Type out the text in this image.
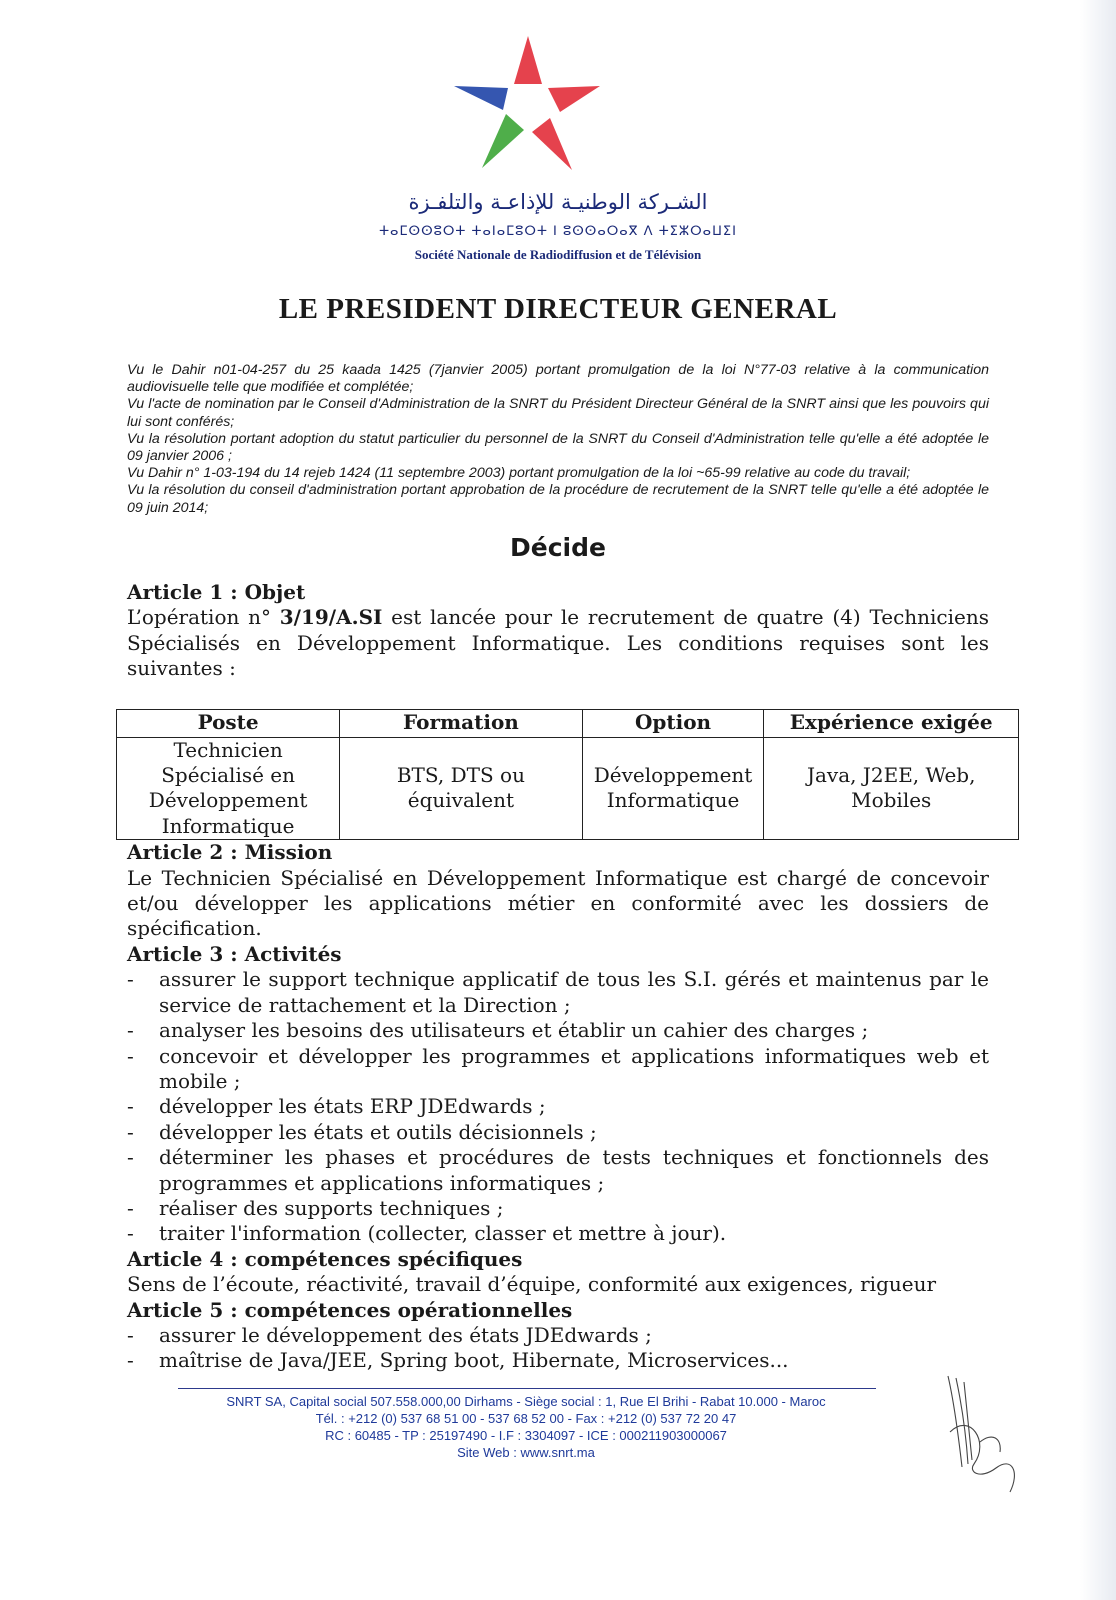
الشـركة الوطنيـة للإذاعـة والتلفـزة
ⵜⴰⵎⵙⵙⵓⵔⵜ ⵜⴰⵏⴰⵎⵓⵔⵜ ⵏ ⵓⵙⵙⴰⵔⴰⴳ ⴷ ⵜⵉⵣⵔⴰⵡⵉⵏ
Société Nationale de Radiodiffusion et de Télévision
LE PRESIDENT DIRECTEUR GENERAL

Vu le Dahir n01-04-257 du 25 kaada 1425 (7janvier 2005) portant promulgation de la loi N°77-03 relative à la communication audiovisuelle telle que modifiée et complétée;

Vu l'acte de nomination par le Conseil d'Administration de la SNRT du Président Directeur Général de la SNRT ainsi que les pouvoirs qui lui sont conférés;

Vu la résolution portant adoption du statut particulier du personnel de la SNRT du Conseil d'Administration telle qu'elle a été adoptée le 09 janvier 2006 ;

Vu Dahir n° 1-03-194 du 14 rejeb 1424 (11 septembre 2003) portant promulgation de la loi ~65-99 relative au code du travail;

Vu la résolution du conseil d'administration portant approbation de la procédure de recrutement de la SNRT telle qu'elle a été adoptée le 09 juin 2014;

Décide

Article 1 : Objet

L’opération n° 3/19/A.SI est lancée pour le recrutement de quatre (4) Techniciens Spécialisés en Développement Informatique. Les conditions requises sont les suivantes :

Poste	Formation	Option	Expérience exigée
Technicien Spécialisé en Développement Informatique	BTS, DTS ou équivalent	Développement Informatique	Java, J2EE, Web, Mobiles

Article 2 : Mission

Le Technicien Spécialisé en Développement Informatique est chargé de concevoir et/ou développer les applications métier en conformité avec les dossiers de spécification.

Article 3 : Activités

- assurer le support technique applicatif de tous les S.I. gérés et maintenus par le service de rattachement et la Direction ;
- analyser les besoins des utilisateurs et établir un cahier des charges ;
- concevoir et développer les programmes et applications informatiques web et mobile ;
- développer les états ERP JDEdwards ;
- développer les états et outils décisionnels ;
- déterminer les phases et procédures de tests techniques et fonctionnels des programmes et applications informatiques ;
- réaliser des supports techniques ;
- traiter l'information (collecter, classer et mettre à jour).

Article 4 : compétences spécifiques

Sens de l’écoute, réactivité, travail d’équipe, conformité aux exigences, rigueur

Article 5 : compétences opérationnelles

- assurer le développement des états JDEdwards ;
- maîtrise de Java/JEE, Spring boot, Hibernate, Microservices...

SNRT SA, Capital social 507.558.000,00 Dirhams - Siège social : 1, Rue El Brihi - Rabat 10.000 - Maroc

Tél. : +212 (0) 537 68 51 00 - 537 68 52 00 - Fax : +212 (0) 537 72 20 47

RC : 60485 - TP : 25197490 - I.F : 3304097 - ICE : 000211903000067

Site Web : www.snrt.ma
